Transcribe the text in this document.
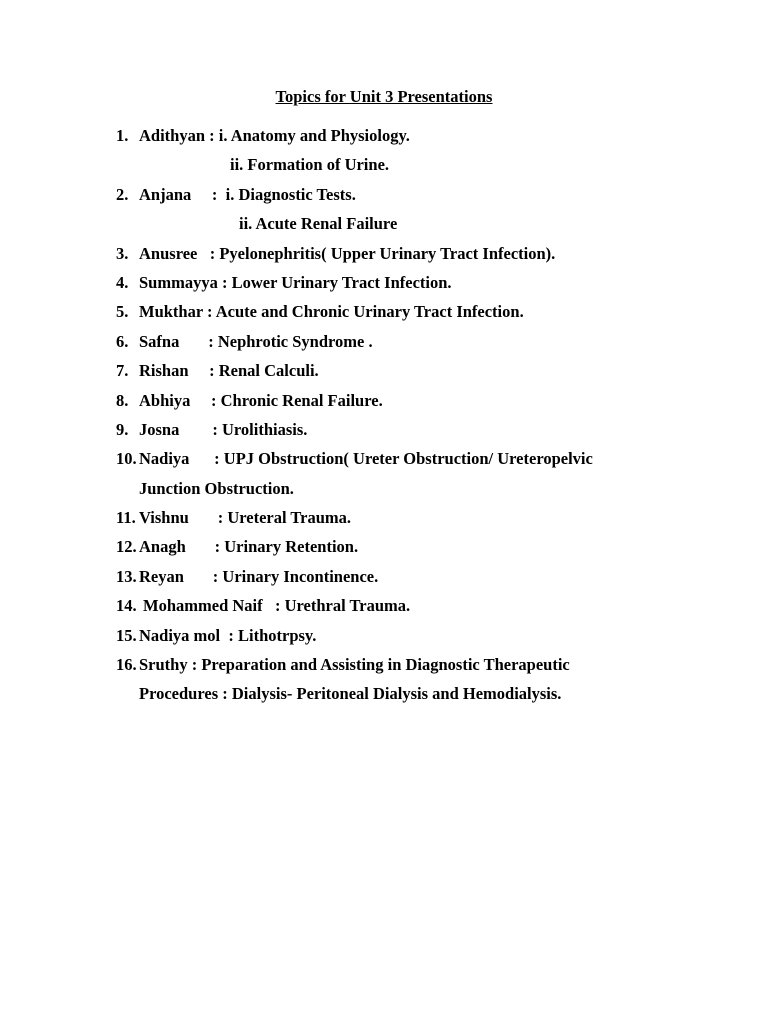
Topics for Unit 3 Presentations
1. Adithyan : i. Anatomy and Physiology.
ii. Formation of Urine.
2. Anjana     :  i. Diagnostic Tests.
ii. Acute Renal Failure
3. Anusree   : Pyelonephritis( Upper Urinary Tract Infection).
4. Summayya : Lower Urinary Tract Infection.
5. Mukthar : Acute and Chronic Urinary Tract Infection.
6. Safna       : Nephrotic Syndrome .
7. Rishan     : Renal Calculi.
8. Abhiya     : Chronic Renal Failure.
9. Josna        : Urolithiasis.
10. Nadiya      : UPJ Obstruction( Ureter Obstruction/ Ureteropelvic
Junction Obstruction.
11. Vishnu       : Ureteral Trauma.
12. Anagh       : Urinary Retention.
13. Reyan       : Urinary Incontinence.
14. Mohammed Naif   : Urethral Trauma.
15. Nadiya mol  : Lithotrpsy.
16. Sruthy : Preparation and Assisting in Diagnostic Therapeutic
Procedures : Dialysis- Peritoneal Dialysis and Hemodialysis.
